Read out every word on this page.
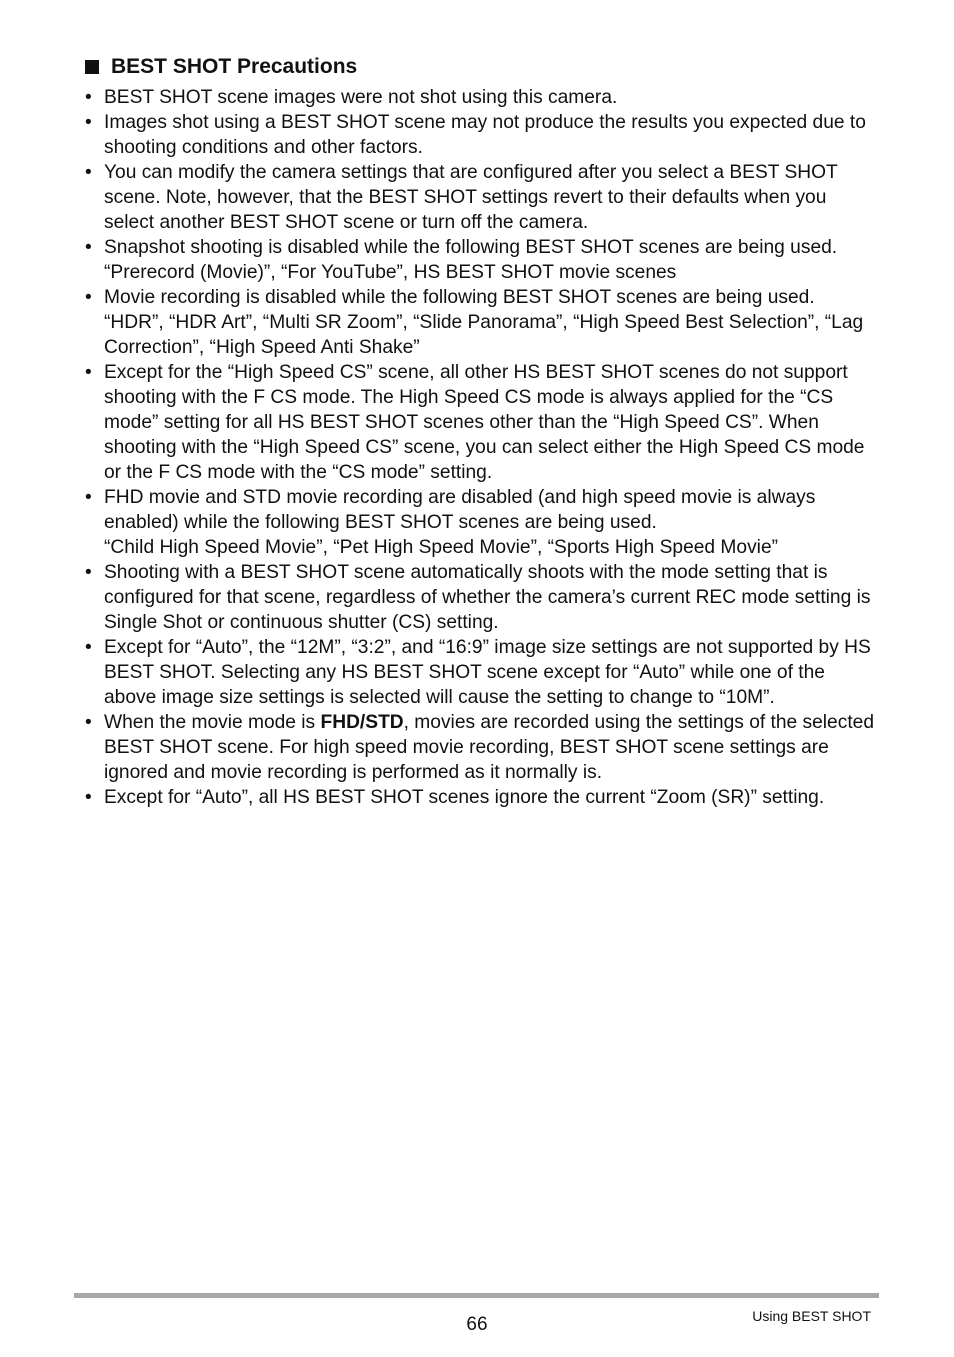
BEST SHOT Precautions
• BEST SHOT scene images were not shot using this camera.
• Images shot using a BEST SHOT scene may not produce the results you expected due to shooting conditions and other factors.
• You can modify the camera settings that are configured after you select a BEST SHOT scene. Note, however, that the BEST SHOT settings revert to their defaults when you select another BEST SHOT scene or turn off the camera.
• Snapshot shooting is disabled while the following BEST SHOT scenes are being used.
“Prerecord (Movie)”, “For YouTube”, HS BEST SHOT movie scenes
• Movie recording is disabled while the following BEST SHOT scenes are being used.
“HDR”, “HDR Art”, “Multi SR Zoom”, “Slide Panorama”, “High Speed Best Selection”, “Lag Correction”, “High Speed Anti Shake”
• Except for the “High Speed CS” scene, all other HS BEST SHOT scenes do not support shooting with the F CS mode. The High Speed CS mode is always applied for the “CS mode” setting for all HS BEST SHOT scenes other than the “High Speed CS”. When shooting with the “High Speed CS” scene, you can select either the High Speed CS mode or the F CS mode with the “CS mode” setting.
• FHD movie and STD movie recording are disabled (and high speed movie is always enabled) while the following BEST SHOT scenes are being used.
“Child High Speed Movie”, “Pet High Speed Movie”, “Sports High Speed Movie”
• Shooting with a BEST SHOT scene automatically shoots with the mode setting that is configured for that scene, regardless of whether the camera’s current REC mode setting is Single Shot or continuous shutter (CS) setting.
• Except for “Auto”, the “12M”, “3:2”, and “16:9” image size settings are not supported by HS BEST SHOT. Selecting any HS BEST SHOT scene except for “Auto” while one of the above image size settings is selected will cause the setting to change to “10M”.
• When the movie mode is FHD/STD, movies are recorded using the settings of the selected BEST SHOT scene. For high speed movie recording, BEST SHOT scene settings are ignored and movie recording is performed as it normally is.
• Except for “Auto”, all HS BEST SHOT scenes ignore the current “Zoom (SR)” setting.
66	Using BEST SHOT
